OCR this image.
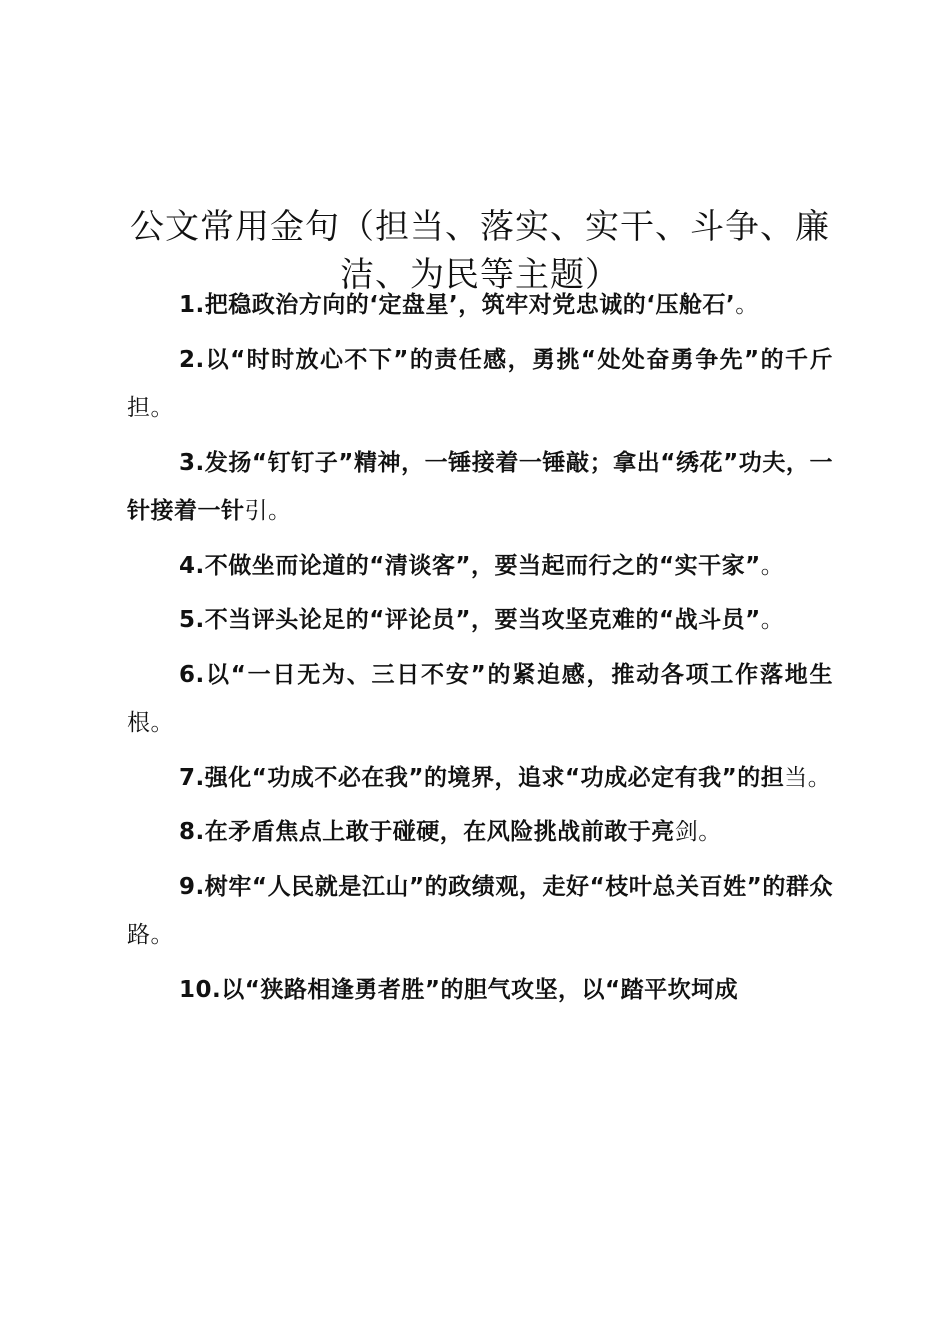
公文常用金句（担当、落实、实干、斗争、廉洁、为民等主题）

1.把稳政治方向的‘定盘星’，筑牢对党忠诚的‘压舱石’。

2.以“时时放心不下”的责任感，勇挑“处处奋勇争先”的千斤担。

3.发扬“钉钉子”精神，一锤接着一锤敲；拿出“绣花”功夫，一针接着一针引。

4.不做坐而论道的“清谈客”，要当起而行之的“实干家”。

5.不当评头论足的“评论员”，要当攻坚克难的“战斗员”。

6.以“一日无为、三日不安”的紧迫感，推动各项工作落地生根。

7.强化“功成不必在我”的境界，追求“功成必定有我”的担当。

8.在矛盾焦点上敢于碰硬，在风险挑战前敢于亮剑。

9.树牢“人民就是江山”的政绩观，走好“枝叶总关百姓”的群众路。

10.以“狭路相逢勇者胜”的胆气攻坚，以“踏平坎坷成
